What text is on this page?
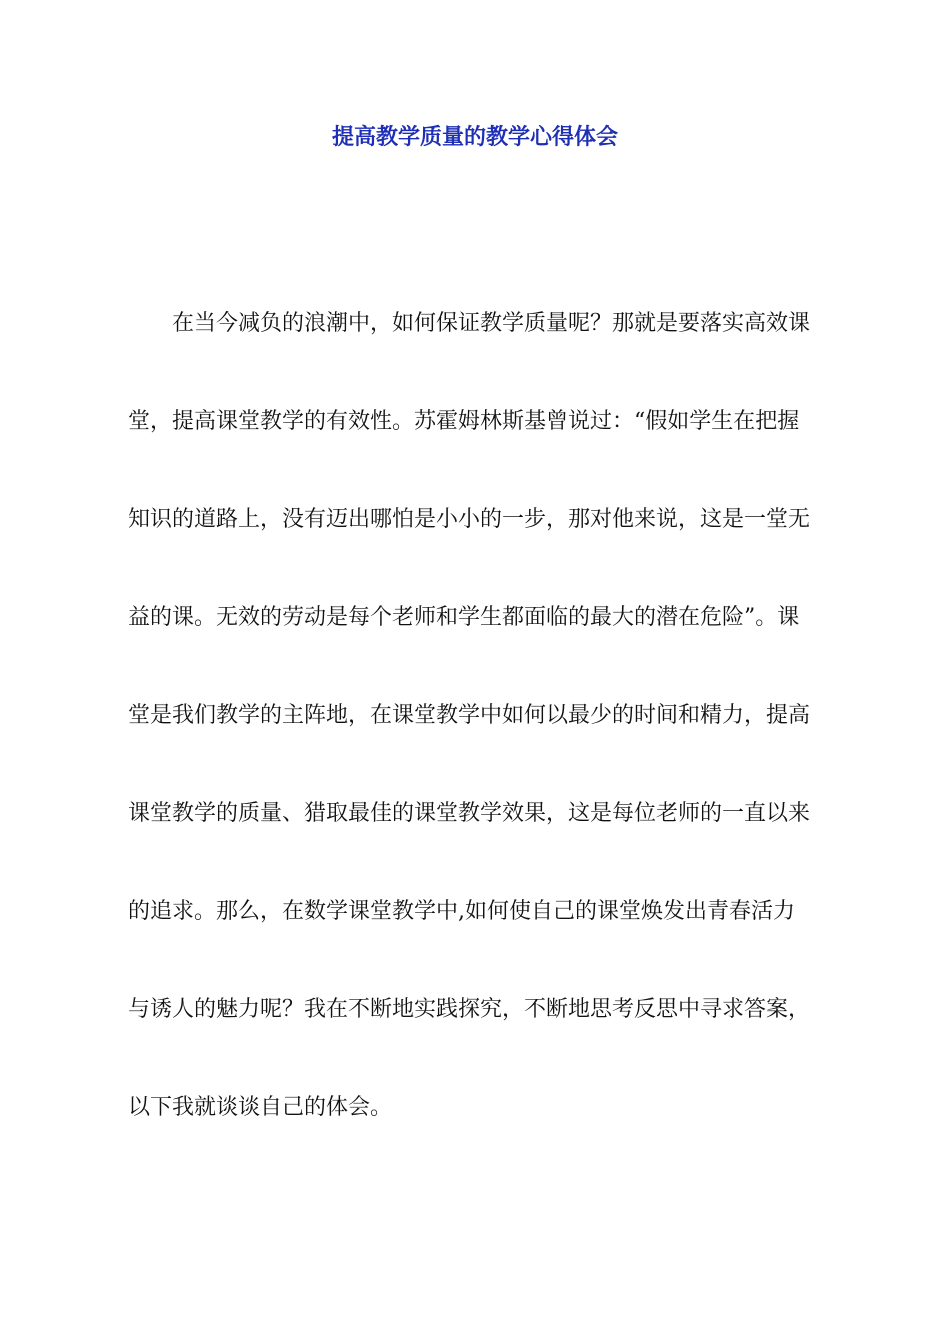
提高教学质量的教学心得体会
在当今减负的浪潮中，如何保证教学质量呢？那就是要落实高效课
堂，提高课堂教学的有效性。苏霍姆林斯基曾说过：“假如学生在把握
知识的道路上，没有迈出哪怕是小小的一步，那对他来说，这是一堂无
益的课。无效的劳动是每个老师和学生都面临的最大的潜在危险”。课
堂是我们教学的主阵地，在课堂教学中如何以最少的时间和精力，提高
课堂教学的质量、猎取最佳的课堂教学效果，这是每位老师的一直以来
的追求。那么，在数学课堂教学中,如何使自己的课堂焕发出青春活力
与诱人的魅力呢？我在不断地实践探究，不断地思考反思中寻求答案，
以下我就谈谈自己的体会。
